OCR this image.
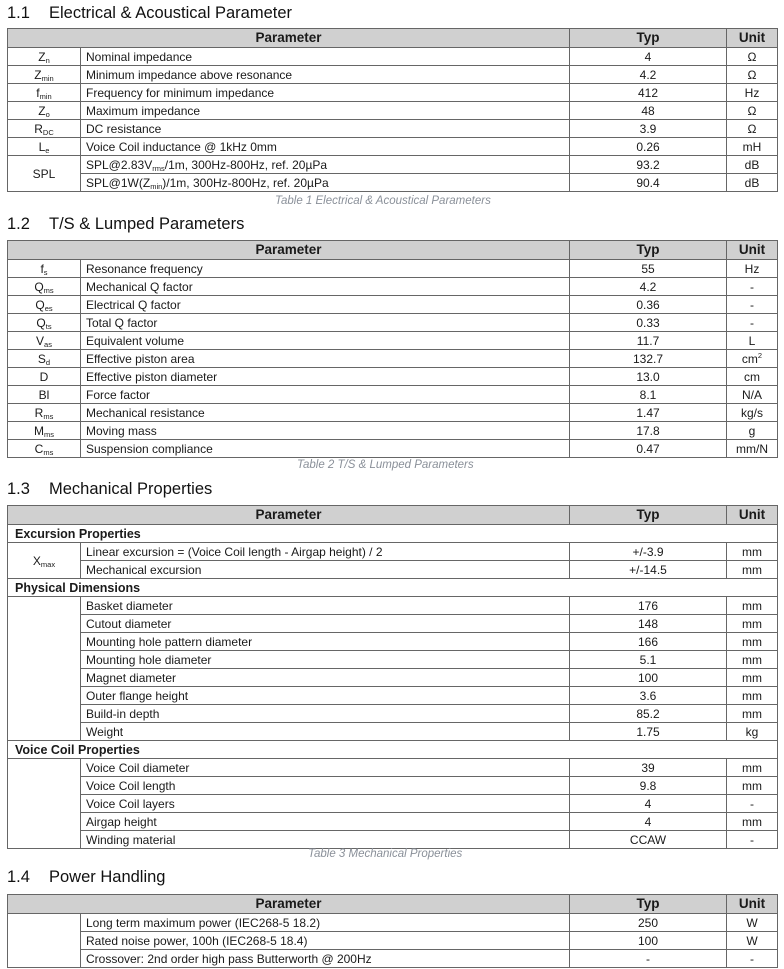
1.1 Electrical & Acoustical Parameter
Parameter		Typ	Unit
$Z_n$	Nominal impedance	4	Ω
$Z_{min}$	Minimum impedance above resonance	4.2	Ω
$f_{min}$	Frequency for minimum impedance	412	Hz
$Z_o$	Maximum impedance	48	Ω
$R_{DC}$	DC resistance	3.9	Ω
$L_e$	Voice Coil inductance @ 1kHz 0mm	0.26	mH
SPL	$SPL@2.83V_{rms}/1m$, 300Hz-800Hz, ref. 20µPa	93.2	dB
	$SPL@1W(Z_{min})/1m$, 300Hz-800Hz, ref. 20µPa	90.4	dB
Table 1 Electrical & Acoustical Parameters
1.2 T/S & Lumped Parameters
Parameter		Typ	Unit
$f_s$	Resonance frequency	55	Hz
$Q_{ms}$	Mechanical Q factor	4.2	-
$Q_{es}$	Electrical Q factor	0.36	-
$Q_{ts}$	Total Q factor	0.33	-
$V_{as}$	Equivalent volume	11.7	L
$S_d$	Effective piston area	132.7	$cm^2$
D	Effective piston diameter	13.0	cm
Bl	Force factor	8.1	N/A
$R_{ms}$	Mechanical resistance	1.47	kg/s
$M_{ms}$	Moving mass	17.8	g
$C_{ms}$	Suspension compliance	0.47	mm/N
Table 2 T/S & Lumped Parameters
1.3 Mechanical Properties
Parameter		Typ	Unit
Excursion Properties			
$X_{max}$	Linear excursion = (Voice Coil length - Airgap height) / 2	+/-3.9	mm
	Mechanical excursion	+/-14.5	mm
Physical Dimensions			
	Basket diameter	176	mm
	Cutout diameter	148	mm
	Mounting hole pattern diameter	166	mm
	Mounting hole diameter	5.1	mm
	Magnet diameter	100	mm
	Outer flange height	3.6	mm
	Build-in depth	85.2	mm
	Weight	1.75	kg
Voice Coil Properties			
	Voice Coil diameter	39	mm
	Voice Coil length	9.8	mm
	Voice Coil layers	4	-
	Airgap height	4	mm
	Winding material	CCAW	-
Table 3 Mechanical Properties
1.4 Power Handling
Parameter		Typ	Unit
	Long term maximum power (IEC268-5 18.2)	250	W
	Rated noise power, 100h (IEC268-5 18.4)	100	W
	Crossover: 2nd order high pass Butterworth @ 200Hz	-	-
